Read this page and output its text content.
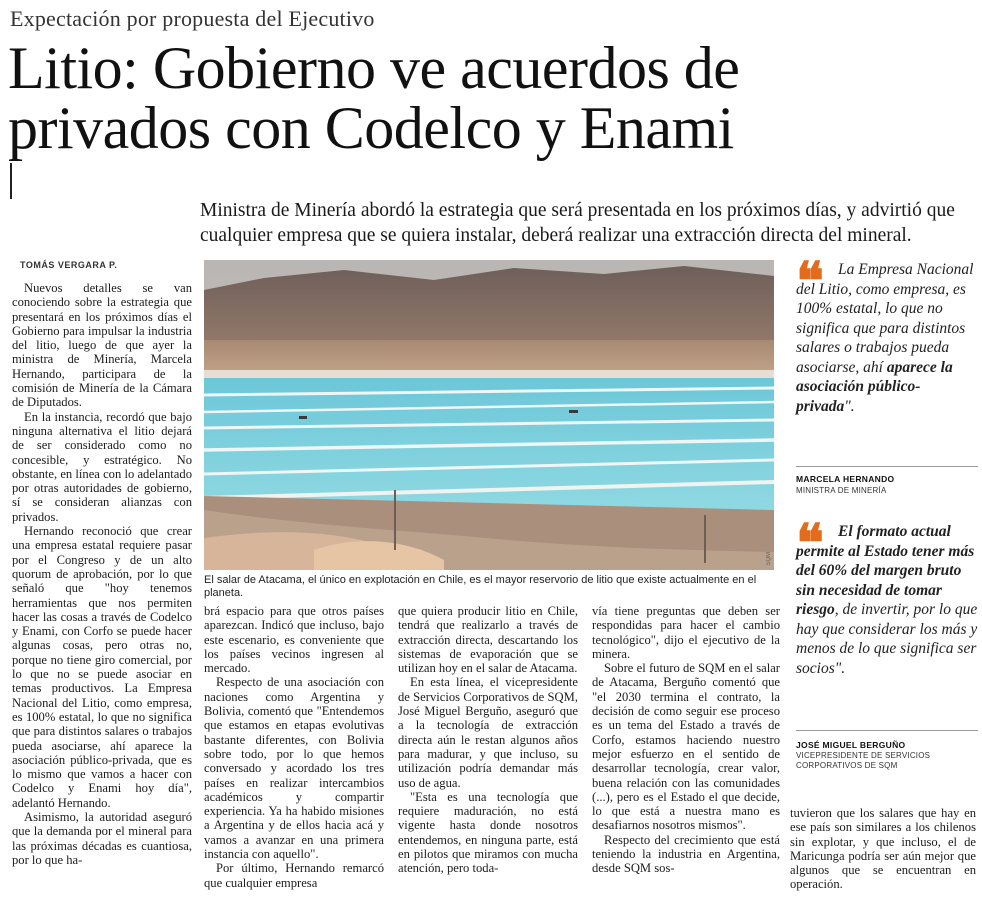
Expectación por propuesta del Ejecutivo
Litio: Gobierno ve acuerdos de
privados con Codelco y Enami

Ministra de Minería abordó la estrategia que será presentada en los próximos días, y advirtió que cualquier empresa que se quiera instalar, deberá realizar una extracción directa del mineral.

TOMÁS VERGARA P.
SQM

El salar de Atacama, el único en explotación en Chile, es el mayor reservorio de litio que existe actualmente en el planeta.

Nuevos detalles se van conociendo sobre la estrategia que presentará en los próximos días el Gobierno para impulsar la industria del litio, luego de que ayer la ministra de Minería, Marcela Hernando, participara de la comisión de Minería de la Cámara de Diputados.

En la instancia, recordó que bajo ninguna alternativa el litio dejará de ser considerado como no concesible, y estratégico. No obstante, en línea con lo adelantado por otras autoridades de gobierno, sí se consideran alianzas con privados.

Hernando reconoció que crear una empresa estatal requiere pasar por el Congreso y de un alto quorum de aprobación, por lo que señaló que "hoy tenemos herramientas que nos permiten hacer las cosas a través de Codelco y Enami, con Corfo se puede hacer algunas cosas, pero otras no, porque no tiene giro comercial, por lo que no se puede asociar en temas productivos. La Empresa Nacional del Litio, como empresa, es 100% estatal, lo que no significa que para distintos salares o trabajos pueda asociarse, ahí aparece la asociación público-privada, que es lo mismo que vamos a hacer con Codelco y Enami hoy día", adelantó Hernando.

Asimismo, la autoridad aseguró que la demanda por el mineral para las próximas décadas es cuantiosa, por lo que ha-

brá espacio para que otros países aparezcan. Indicó que incluso, bajo este escenario, es conveniente que los países vecinos ingresen al mercado.

Respecto de una asociación con naciones como Argentina y Bolivia, comentó que "Entendemos que estamos en etapas evolutivas bastante diferentes, con Bolivia sobre todo, por lo que hemos conversado y acordado los tres países en realizar intercambios académicos y compartir experiencia. Ya ha habido misiones a Argentina y de ellos hacia acá y vamos a avanzar en una primera instancia con aquello".

Por último, Hernando remarcó que cualquier empresa

que quiera producir litio en Chile, tendrá que realizarlo a través de extracción directa, descartando los sistemas de evaporación que se utilizan hoy en el salar de Atacama.

En esta línea, el vicepresidente de Servicios Corporativos de SQM, José Miguel Berguño, aseguró que a la tecnología de extracción directa aún le restan algunos años para madurar, y que incluso, su utilización podría demandar más uso de agua.

"Esta es una tecnología que requiere maduración, no está vigente hasta donde nosotros entendemos, en ninguna parte, está en pilotos que miramos con mucha atención, pero toda-

vía tiene preguntas que deben ser respondidas para hacer el cambio tecnológico", dijo el ejecutivo de la minera.

Sobre el futuro de SQM en el salar de Atacama, Berguño comentó que "el 2030 termina el contrato, la decisión de como seguir ese proceso es un tema del Estado a través de Corfo, estamos haciendo nuestro mejor esfuerzo en el sentido de desarrollar tecnología, crear valor, buena relación con las comunidades (...), pero es el Estado el que decide, lo que está a nuestra mano es desafiarnos nosotros mismos".

Respecto del crecimiento que está teniendo la industria en Argentina, desde SQM sos-

tuvieron que los salares que hay en ese país son similares a los chilenos sin explotar, y que incluso, el de Maricunga podría ser aún mejor que algunos que se encuentran en operación.

❝ La Empresa Nacional del Litio, como empresa, es 100% estatal, lo que no significa que para distintos salares o trabajos pueda asociarse, ahí aparece la asociación público-privada".

MARCELA HERNANDO
MINISTRA DE MINERÍA
❝ El formato actual permite al Estado tener más del 60% del margen bruto sin necesidad de tomar riesgo, de invertir, por lo que hay que considerar los más y menos de lo que significa ser socios".

JOSÉ MIGUEL BERGUÑO
VICEPRESIDENTE DE SERVICIOS
CORPORATIVOS DE SQM
